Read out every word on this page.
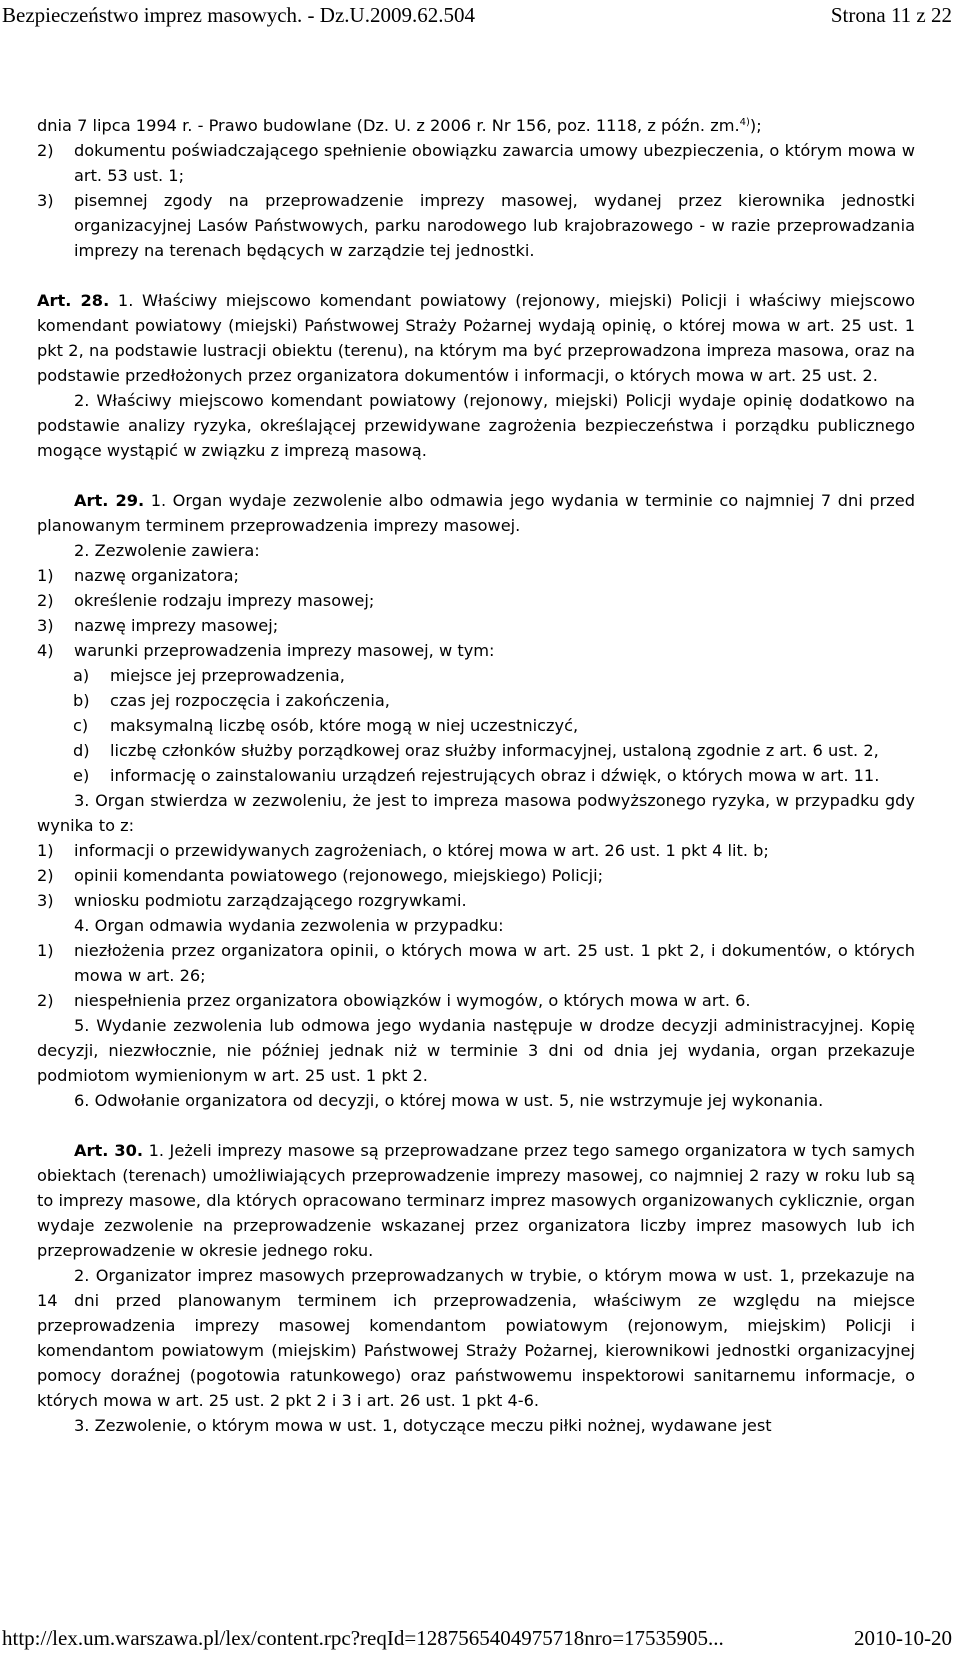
Bezpieczeństwo imprez masowych. - Dz.U.2009.62.504	Strona 11 z 22

dnia 7 lipca 1994 r. - Prawo budowlane (Dz. U. z 2006 r. Nr 156, poz. 1118, z późn. zm.$^{4)}$);

2) dokumentu poświadczającego spełnienie obowiązku zawarcia umowy ubezpieczenia, o którym mowa w art. 53 ust. 1;

3) pisemnej zgody na przeprowadzenie imprezy masowej, wydanej przez kierownika jednostki organizacyjnej Lasów Państwowych, parku narodowego lub krajobrazowego - w razie przeprowadzania imprezy na terenach będących w zarządzie tej jednostki.

Art. 28. 1. Właściwy miejscowo komendant powiatowy (rejonowy, miejski) Policji i właściwy miejscowo komendant powiatowy (miejski) Państwowej Straży Pożarnej wydają opinię, o której mowa w art. 25 ust. 1 pkt 2, na podstawie lustracji obiektu (terenu), na którym ma być przeprowadzona impreza masowa, oraz na podstawie przedłożonych przez organizatora dokumentów i informacji, o których mowa w art. 25 ust. 2.

2. Właściwy miejscowo komendant powiatowy (rejonowy, miejski) Policji wydaje opinię dodatkowo na podstawie analizy ryzyka, określającej przewidywane zagrożenia bezpieczeństwa i porządku publicznego mogące wystąpić w związku z imprezą masową.

Art. 29. 1. Organ wydaje zezwolenie albo odmawia jego wydania w terminie co najmniej 7 dni przed planowanym terminem przeprowadzenia imprezy masowej.

2. Zezwolenie zawiera:

1) nazwę organizatora;

2) określenie rodzaju imprezy masowej;

3) nazwę imprezy masowej;

4) warunki przeprowadzenia imprezy masowej, w tym:

a) miejsce jej przeprowadzenia,

b) czas jej rozpoczęcia i zakończenia,

c) maksymalną liczbę osób, które mogą w niej uczestniczyć,

d) liczbę członków służby porządkowej oraz służby informacyjnej, ustaloną zgodnie z art. 6 ust. 2,

e) informację o zainstalowaniu urządzeń rejestrujących obraz i dźwięk, o których mowa w art. 11.

3. Organ stwierdza w zezwoleniu, że jest to impreza masowa podwyższonego ryzyka, w przypadku gdy wynika to z:

1) informacji o przewidywanych zagrożeniach, o której mowa w art. 26 ust. 1 pkt 4 lit. b;

2) opinii komendanta powiatowego (rejonowego, miejskiego) Policji;

3) wniosku podmiotu zarządzającego rozgrywkami.

4. Organ odmawia wydania zezwolenia w przypadku:

1) niezłożenia przez organizatora opinii, o których mowa w art. 25 ust. 1 pkt 2, i dokumentów, o których mowa w art. 26;

2) niespełnienia przez organizatora obowiązków i wymogów, o których mowa w art. 6.

5. Wydanie zezwolenia lub odmowa jego wydania następuje w drodze decyzji administracyjnej. Kopię decyzji, niezwłocznie, nie później jednak niż w terminie 3 dni od dnia jej wydania, organ przekazuje podmiotom wymienionym w art. 25 ust. 1 pkt 2.

6. Odwołanie organizatora od decyzji, o której mowa w ust. 5, nie wstrzymuje jej wykonania.

Art. 30. 1. Jeżeli imprezy masowe są przeprowadzane przez tego samego organizatora w tych samych obiektach (terenach) umożliwiających przeprowadzenie imprezy masowej, co najmniej 2 razy w roku lub są to imprezy masowe, dla których opracowano terminarz imprez masowych organizowanych cyklicznie, organ wydaje zezwolenie na przeprowadzenie wskazanej przez organizatora liczby imprez masowych lub ich przeprowadzenie w okresie jednego roku.

2. Organizator imprez masowych przeprowadzanych w trybie, o którym mowa w ust. 1, przekazuje na 14 dni przed planowanym terminem ich przeprowadzenia, właściwym ze względu na miejsce przeprowadzenia imprezy masowej komendantom powiatowym (rejonowym, miejskim) Policji i komendantom powiatowym (miejskim) Państwowej Straży Pożarnej, kierownikowi jednostki organizacyjnej pomocy doraźnej (pogotowia ratunkowego) oraz państwowemu inspektorowi sanitarnemu informacje, o których mowa w art. 25 ust. 2 pkt 2 i 3 i art. 26 ust. 1 pkt 4-6.

3. Zezwolenie, o którym mowa w ust. 1, dotyczące meczu piłki nożnej, wydawane jest

http://lex.um.warszawa.pl/lex/content.rpc?reqId=1287565404975718nro=17535905...	2010-10-20
